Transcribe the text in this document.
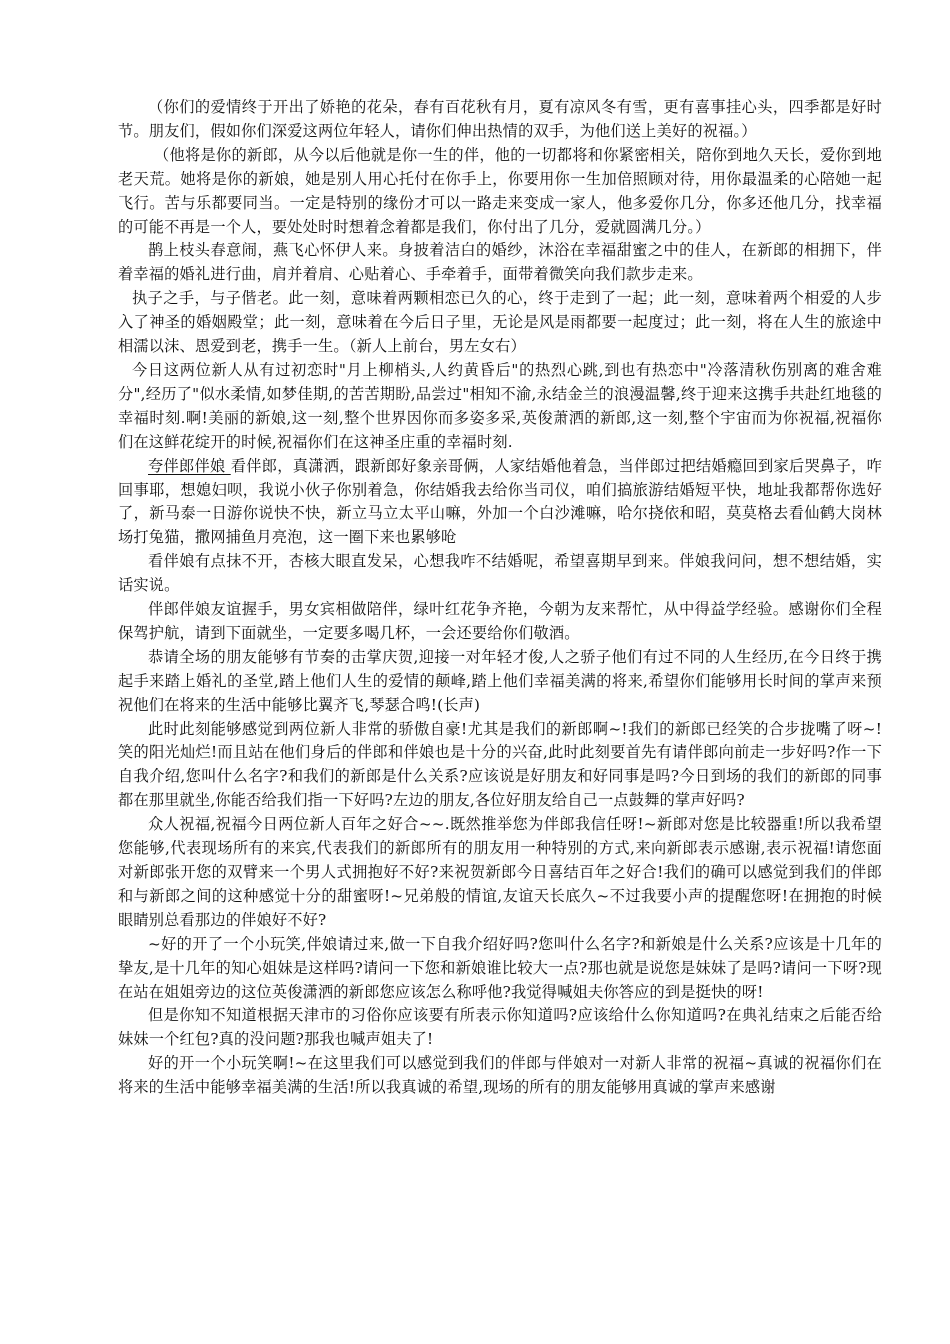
（你们的爱情终于开出了娇艳的花朵，春有百花秋有月，夏有凉风冬有雪，更有喜事挂心头，四季都是好时节。朋友们，假如你们深爱这两位年轻人，请你们伸出热情的双手，为他们送上美好的祝福。）

（他将是你的新郎，从今以后他就是你一生的伴，他的一切都将和你紧密相关，陪你到地久天长，爱你到地老天荒。她将是你的新娘，她是别人用心托付在你手上，你要用你一生加倍照顾对待，用你最温柔的心陪她一起飞行。苦与乐都要同当。一定是特别的缘份才可以一路走来变成一家人，他多爱你几分，你多还他几分，找幸福的可能不再是一个人，要处处时时想着念着都是我们，你付出了几分，爱就圆满几分。）

鹊上枝头春意闹，燕飞心怀伊人来。身披着洁白的婚纱，沐浴在幸福甜蜜之中的佳人，在新郎的相拥下，伴着幸福的婚礼进行曲，肩并着肩、心贴着心、手牵着手，面带着微笑向我们款步走来。

执子之手，与子偕老。此一刻，意味着两颗相恋已久的心，终于走到了一起；此一刻，意味着两个相爱的人步入了神圣的婚姻殿堂；此一刻，意味着在今后日子里，无论是风是雨都要一起度过；此一刻，将在人生的旅途中相濡以沫、恩爱到老，携手一生。（新人上前台，男左女右）

今日这两位新人从有过初恋时"月上柳梢头,人约黄昏后"的热烈心跳,到也有热恋中"冷落清秋伤别离的难舍难分",经历了"似水柔情,如梦佳期,的苦苦期盼,品尝过"相知不渝,永结金兰的浪漫温馨,终于迎来这携手共赴红地毯的幸福时刻.啊!美丽的新娘,这一刻,整个世界因你而多姿多采,英俊萧洒的新郎,这一刻,整个宇宙而为你祝福,祝福你们在这鲜花绽开的时候,祝福你们在这神圣庄重的幸福时刻.

夸伴郎伴娘 看伴郎，真潇洒，跟新郎好象亲哥俩，人家结婚他着急，当伴郎过把结婚瘾回到家后哭鼻子，咋回事耶，想媳妇呗，我说小伙子你别着急，你结婚我去给你当司仪，咱们搞旅游结婚短平快，地址我都帮你选好了，新马泰一日游你说快不快，新立马立太平山嘛，外加一个白沙滩嘛，哈尔挠依和昭，莫莫格去看仙鹤大岗林场打兔猫，撒网捕鱼月亮泡，这一圈下来也累够呛

看伴娘有点抹不开，杏核大眼直发呆，心想我咋不结婚呢，希望喜期早到来。伴娘我问问，想不想结婚，实话实说。

伴郎伴娘友谊握手，男女宾相做陪伴，绿叶红花争齐艳，今朝为友来帮忙，从中得益学经验。感谢你们全程保驾护航，请到下面就坐，一定要多喝几杯，一会还要给你们敬酒。

恭请全场的朋友能够有节奏的击掌庆贺,迎接一对年轻才俊,人之骄子他们有过不同的人生经历,在今日终于携起手来踏上婚礼的圣堂,踏上他们人生的爱情的颠峰,踏上他们幸福美满的将来,希望你们能够用长时间的掌声来预祝他们在将来的生活中能够比翼齐飞,琴瑟合鸣!(长声)

此时此刻能够感觉到两位新人非常的骄傲自豪!尤其是我们的新郎啊~!我们的新郎已经笑的合步拢嘴了呀~!笑的阳光灿烂!而且站在他们身后的伴郎和伴娘也是十分的兴奋,此时此刻要首先有请伴郎向前走一步好吗?作一下自我介绍,您叫什么名字?和我们的新郎是什么关系?应该说是好朋友和好同事是吗?今日到场的我们的新郎的同事都在那里就坐,你能否给我们指一下好吗?左边的朋友,各位好朋友给自己一点鼓舞的掌声好吗?

众人祝福,祝福今日两位新人百年之好合~~.既然推举您为伴郎我信任呀!~新郎对您是比较器重!所以我希望您能够,代表现场所有的来宾,代表我们的新郎所有的朋友用一种特别的方式,来向新郎表示感谢,表示祝福!请您面对新郎张开您的双臂来一个男人式拥抱好不好?来祝贺新郎今日喜结百年之好合!我们的确可以感觉到我们的伴郎和与新郎之间的这种感觉十分的甜蜜呀!~兄弟般的情谊,友谊天长底久~不过我要小声的提醒您呀!在拥抱的时候眼睛别总看那边的伴娘好不好?

~好的开了一个小玩笑,伴娘请过来,做一下自我介绍好吗?您叫什么名字?和新娘是什么关系?应该是十几年的挚友,是十几年的知心姐妹是这样吗?请问一下您和新娘谁比较大一点?那也就是说您是妹妹了是吗?请问一下呀?现在站在姐姐旁边的这位英俊潇洒的新郎您应该怎么称呼他?我觉得喊姐夫你答应的到是挺快的呀!

但是你知不知道根据天津市的习俗你应该要有所表示你知道吗?应该给什么你知道吗?在典礼结束之后能否给妹妹一个红包?真的没问题?那我也喊声姐夫了!

好的开一个小玩笑啊!~在这里我们可以感觉到我们的伴郎与伴娘对一对新人非常的祝福~真诚的祝福你们在将来的生活中能够幸福美满的生活!所以我真诚的希望,现场的所有的朋友能够用真诚的掌声来感谢
